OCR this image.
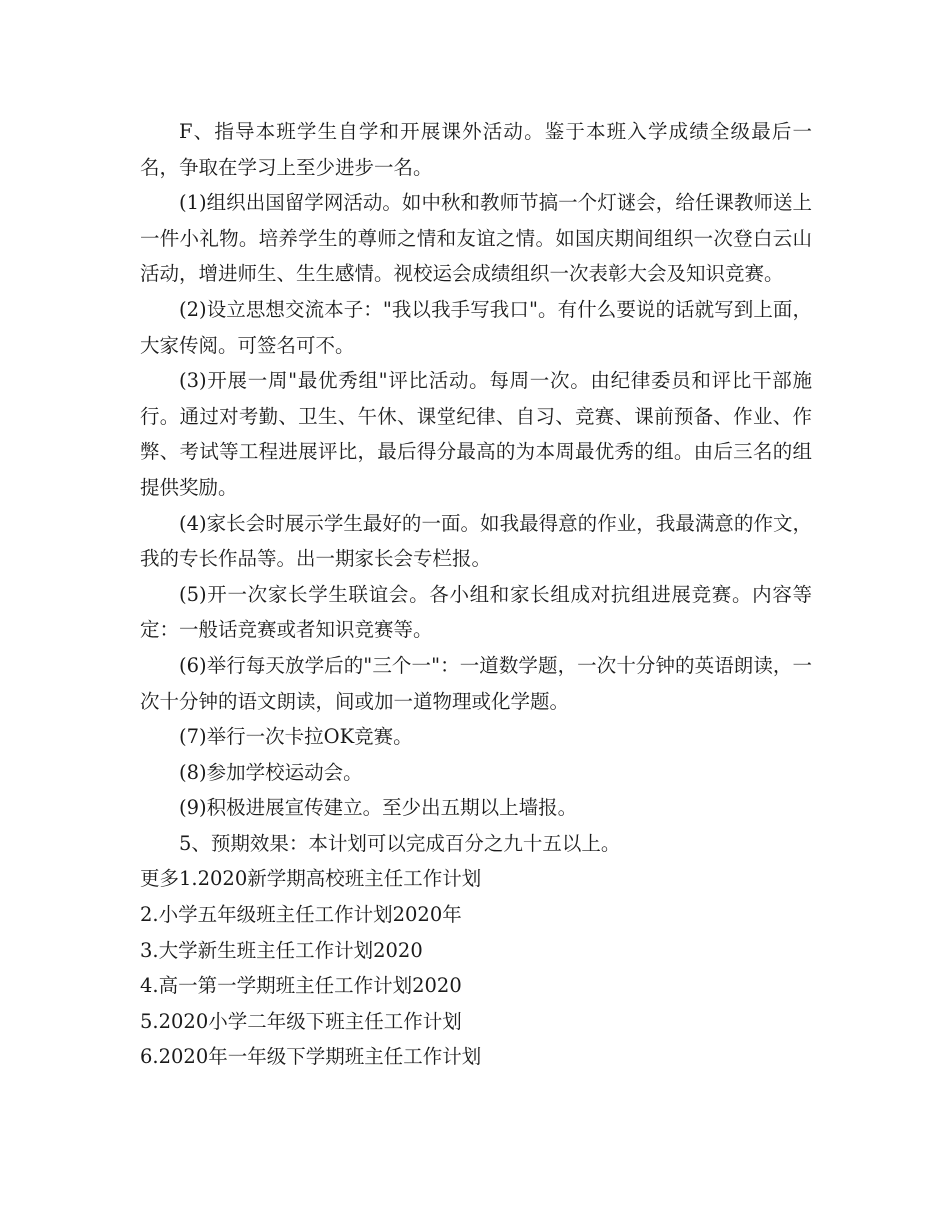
F、指导本班学生自学和开展课外活动。鉴于本班入学成绩全级最后一名，争取在学习上至少进步一名。

(1)组织出国留学网活动。如中秋和教师节搞一个灯谜会，给任课教师送上一件小礼物。培养学生的尊师之情和友谊之情。如国庆期间组织一次登白云山活动，增进师生、生生感情。视校运会成绩组织一次表彰大会及知识竞赛。

(2)设立思想交流本子："我以我手写我口"。有什么要说的话就写到上面，大家传阅。可签名可不。

(3)开展一周"最优秀组"评比活动。每周一次。由纪律委员和评比干部施行。通过对考勤、卫生、午休、课堂纪律、自习、竞赛、课前预备、作业、作弊、考试等工程进展评比，最后得分最高的为本周最优秀的组。由后三名的组提供奖励。

(4)家长会时展示学生最好的一面。如我最得意的作业，我最满意的作文，我的专长作品等。出一期家长会专栏报。

(5)开一次家长学生联谊会。各小组和家长组成对抗组进展竞赛。内容等定：一般话竞赛或者知识竞赛等。

(6)举行每天放学后的"三个一"：一道数学题，一次十分钟的英语朗读，一次十分钟的语文朗读，间或加一道物理或化学题。

(7)举行一次卡拉OK竞赛。

(8)参加学校运动会。

(9)积极进展宣传建立。至少出五期以上墙报。

5、预期效果：本计划可以完成百分之九十五以上。

更多1.2020新学期高校班主任工作计划

2.小学五年级班主任工作计划2020年

3.大学新生班主任工作计划2020

4.高一第一学期班主任工作计划2020

5.2020小学二年级下班主任工作计划

6.2020年一年级下学期班主任工作计划
